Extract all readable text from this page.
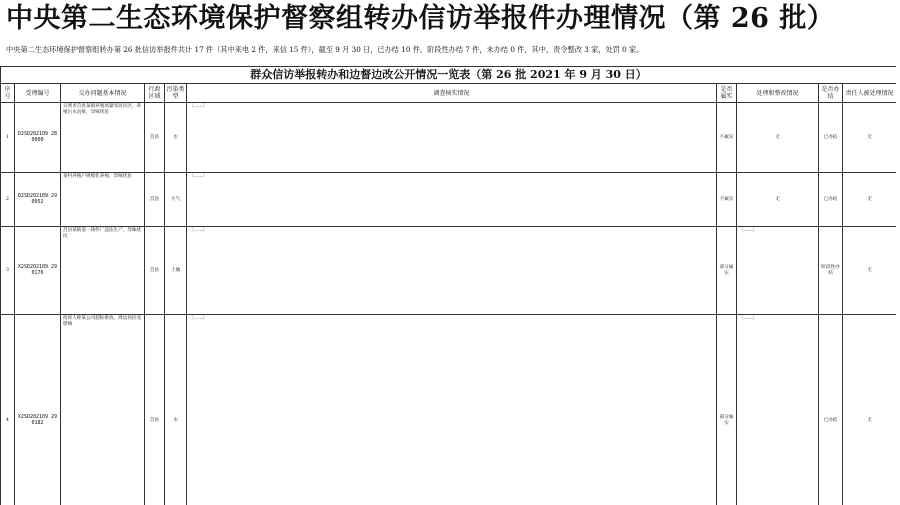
中央第二生态环境保护督察组转办信访举报件办理情况（第 26 批）
中央第二生态环境保护督察组转办第 26 批信访举报件共计 17 件（其中来电 2 件，来信 15 件），截至 9 月 30 日，已办结 10 件，阶段性办结 7 件，未办结 0 件，其中，责令整改 3 家，处罚 0 家。
群众信访举报转办和边督边改公开情况一览表（第 26 批 2021 年 9 月 30 日）									
序号	受理编号	交办问题基本情况	行政区域	污染类型	调查核实情况	是否属实	处理和整改情况	是否办结	责任人被处理情况
1	D2SD202109 280000	日照市莒县某镇养殖场紧邻居民区，养殖污水直排，异味扰民	莒县	水	〔……〕	不属实	无	已办结	无
2	D2SD202109 290052	某村养殖户规模化养殖，异味扰民	莒县	大气	〔……〕	不属实	无	已办结	无
3	X2SD202109 290176	莒县某街道一铸件厂违法生产，异味扰民	莒县	土壤	〔……〕	部分属实	〔……〕	阶段性办结	无
4	X2SD202109 290182	投诉人称某公司超标排放，周边居民受影响	莒县	水	〔……〕	部分属实	〔……〕	已办结	无
